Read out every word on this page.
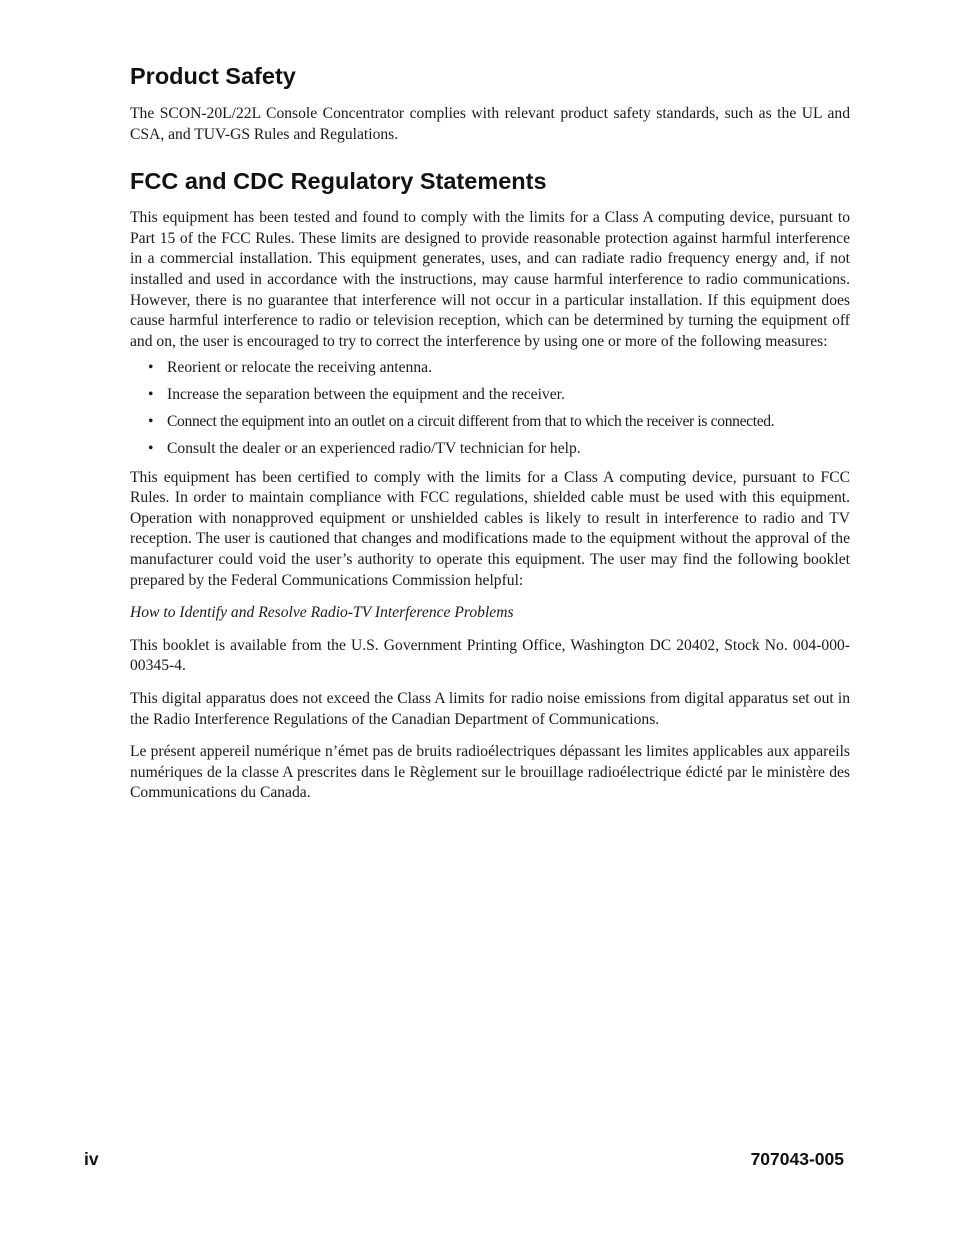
Product Safety

The SCON-20L/22L Console Concentrator complies with relevant product safety standards, such as the UL and CSA, and TUV-GS Rules and Regulations.

FCC and CDC Regulatory Statements

This equipment has been tested and found to comply with the limits for a Class A computing device, pursuant to Part 15 of the FCC Rules. These limits are designed to provide reasonable protection against harmful interference in a commercial installation. This equipment generates, uses, and can radiate radio frequency energy and, if not installed and used in accordance with the instructions, may cause harmful interference to radio communications. However, there is no guarantee that interference will not occur in a particular installation. If this equipment does cause harmful interference to radio or television reception, which can be determined by turning the equipment off and on, the user is encouraged to try to correct the interference by using one or more of the following measures:

• Reorient or relocate the receiving antenna.
• Increase the separation between the equipment and the receiver.
• Connect the equipment into an outlet on a circuit different from that to which the receiver is connected.
• Consult the dealer or an experienced radio/TV technician for help.

This equipment has been certified to comply with the limits for a Class A computing device, pursuant to FCC Rules. In order to maintain compliance with FCC regulations, shielded cable must be used with this equipment. Operation with nonapproved equipment or unshielded cables is likely to result in interference to radio and TV reception. The user is cautioned that changes and modifications made to the equipment without the approval of the manufacturer could void the user’s authority to operate this equipment. The user may find the following booklet prepared by the Federal Communications Commission helpful:

How to Identify and Resolve Radio-TV Interference Problems

This booklet is available from the U.S. Government Printing Office, Washington DC 20402, Stock No. 004-000-00345-4.

This digital apparatus does not exceed the Class A limits for radio noise emissions from digital apparatus set out in the Radio Interference Regulations of the Canadian Department of Communications.

Le présent appereil numérique n’émet pas de bruits radioélectriques dépassant les limites applicables aux appareils numériques de la classe A prescrites dans le Règlement sur le brouillage radioélectrique édicté par le ministère des Communications du Canada.

iv	707043-005
